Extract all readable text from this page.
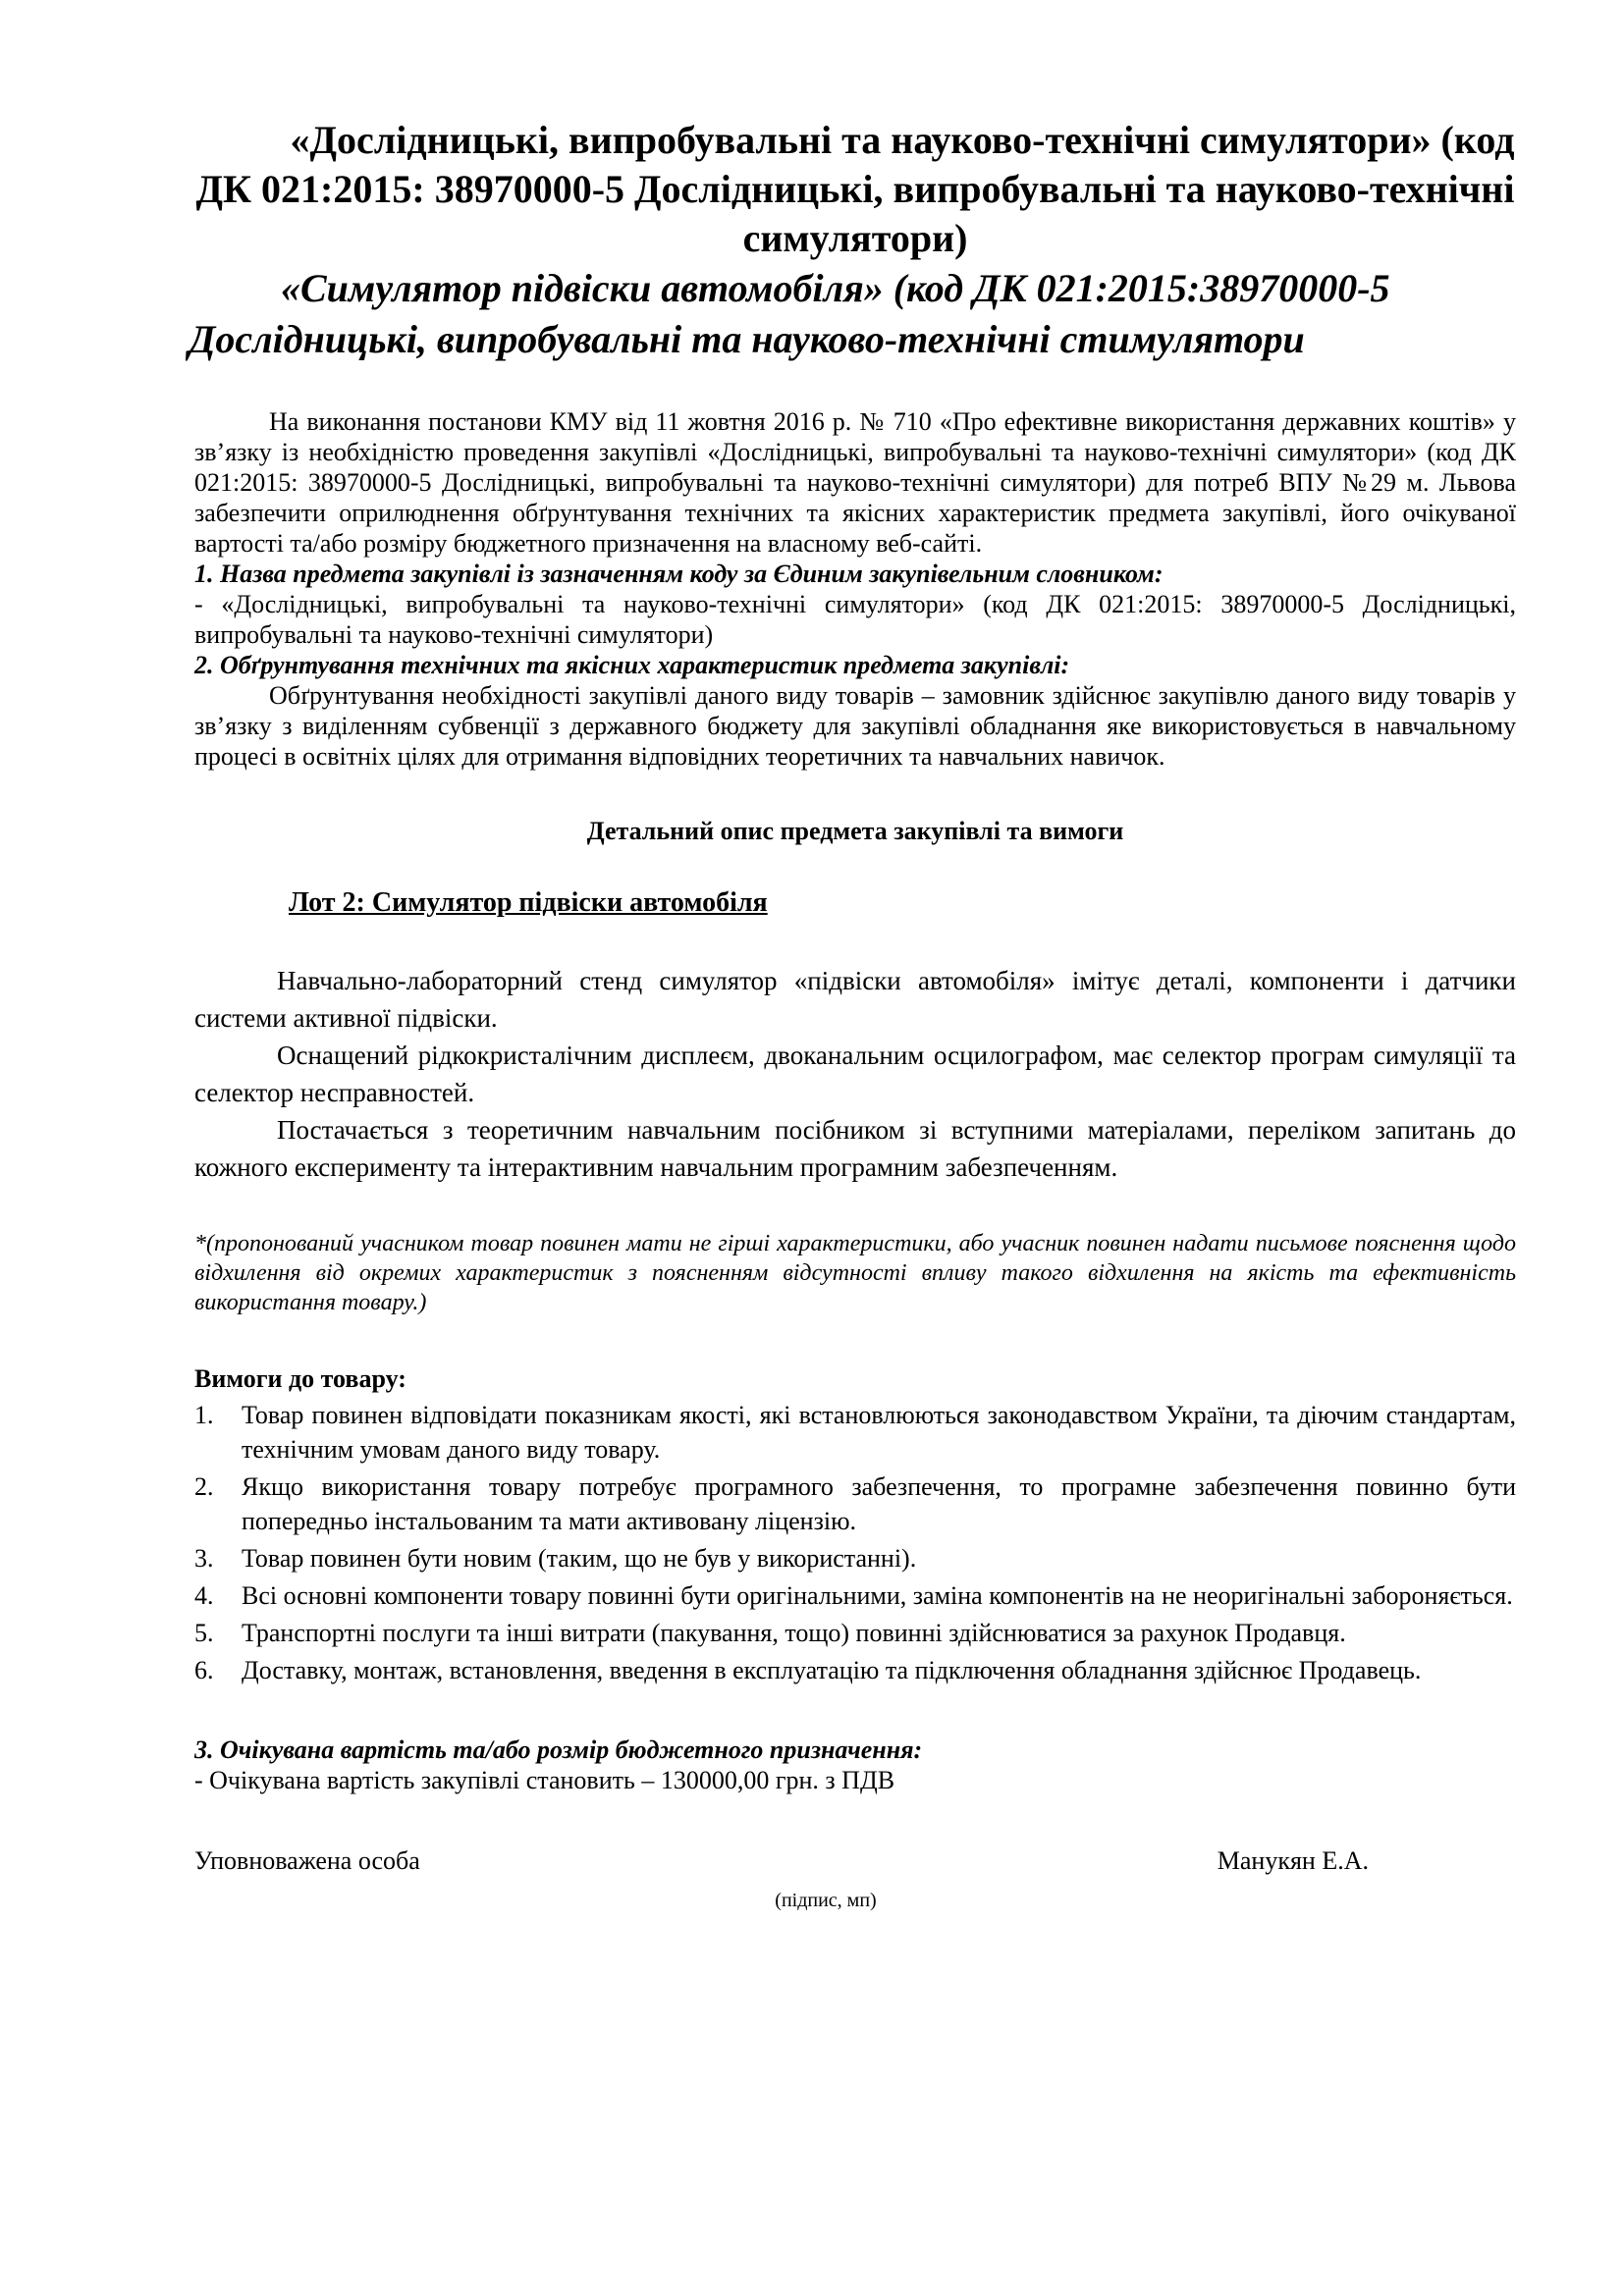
«Дослідницькі, випробувальні та науково-технічні симулятори» (код ДК 021:2015: 38970000-5 Дослідницькі, випробувальні та науково-технічні симулятори)

«Симулятор підвіски автомобіля» (код ДК 021:2015:38970000-5
Дослідницькі, випробувальні та науково-технічні стимулятори

На виконання постанови КМУ від 11 жовтня 2016 р. № 710 «Про ефективне використання державних коштів» у зв’язку із необхідністю проведення закупівлі «Дослідницькі, випробувальні та науково-технічні симулятори» (код ДК 021:2015: 38970000-5 Дослідницькі, випробувальні та науково-технічні симулятори) для потреб ВПУ №29 м. Львова забезпечити оприлюднення обґрунтування технічних та якісних характеристик предмета закупівлі, його очікуваної вартості та/або розміру бюджетного призначення на власному веб-сайті.

1. Назва предмета закупівлі із зазначенням коду за Єдиним закупівельним словником:

- «Дослідницькі, випробувальні та науково-технічні симулятори» (код ДК 021:2015: 38970000-5 Дослідницькі, випробувальні та науково-технічні симулятори)

2. Обґрунтування технічних та якісних характеристик предмета закупівлі:

Обґрунтування необхідності закупівлі даного виду товарів – замовник здійснює закупівлю даного виду товарів у зв’язку з виділенням субвенції з державного бюджету для закупівлі обладнання яке використовується в навчальному процесі в освітніх цілях для отримання відповідних теоретичних та навчальних навичок.

Детальний опис предмета закупівлі та вимоги

Лот 2: Симулятор підвіски автомобіля

Навчально-лабораторний стенд симулятор «підвіски автомобіля» імітує деталі, компоненти і датчики системи активної підвіски.

Оснащений рідкокристалічним дисплеєм, двоканальним осцилографом, має селектор програм симуляції та селектор несправностей.

Постачається з теоретичним навчальним посібником зі вступними матеріалами, переліком запитань до кожного експерименту та інтерактивним навчальним програмним забезпеченням.

*(пропонований учасником товар повинен мати не гірші характеристики, або учасник повинен надати письмове пояснення щодо відхилення від окремих характеристик з поясненням відсутності впливу такого відхилення на якість та ефективність використання товару.)

Вимоги до товару:

1. Товар повинен відповідати показникам якості, які встановлюються законодавством України, та діючим стандартам, технічним умовам даного виду товару.
2. Якщо використання товару потребує програмного забезпечення, то програмне забезпечення повинно бути попередньо інстальованим та мати активовану ліцензію.
3. Товар повинен бути новим (таким, що не був у використанні).
4. Всі основні компоненти товару повинні бути оригінальними, заміна компонентів на не неоригінальні забороняється.
5. Транспортні послуги та інші витрати (пакування, тощо) повинні здійснюватися за рахунок Продавця.
6. Доставку, монтаж, встановлення, введення в експлуатацію та підключення обладнання здійснює Продавець.

3. Очікувана вартість та/або розмір бюджетного призначення:

- Очікувана вартість закупівлі становить – 130000,00 грн. з ПДВ

Уповноважена особа	Манукян Е.А.

(підпис, мп)
